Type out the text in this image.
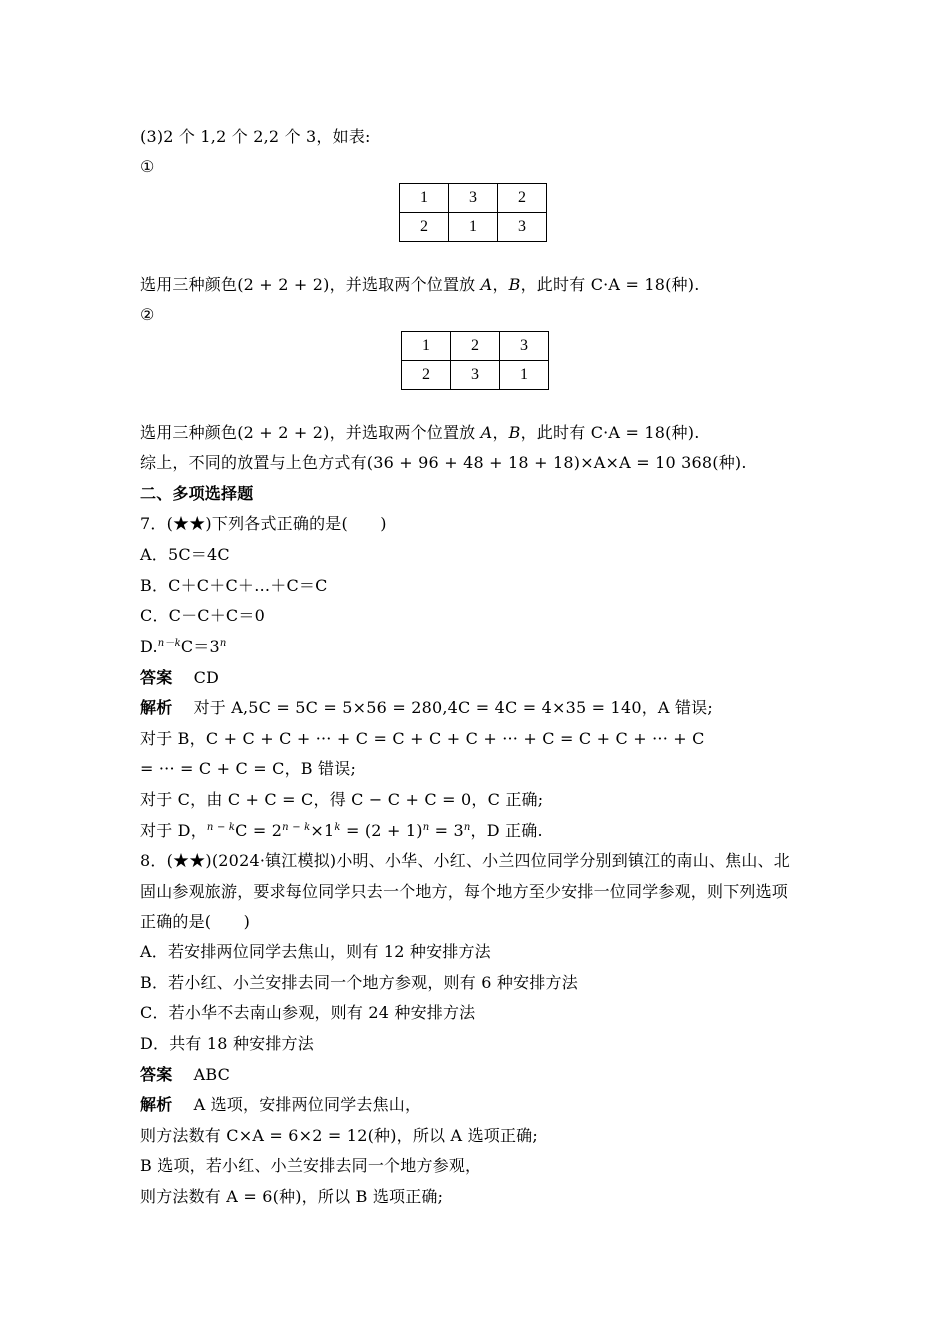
(3)2 个 1,2 个 2,2 个 3，如表:
①
1	3	2
2	1	3
选用三种颜色(2 + 2 + 2)，并选取两个位置放 A，B，此时有 C·A = 18(种).
②
1	2	3
2	3	1
选用三种颜色(2 + 2 + 2)，并选取两个位置放 A，B，此时有 C·A = 18(种).
综上，不同的放置与上色方式有(36 + 96 + 48 + 18 + 18)×A×A = 10 368(种).
二、多项选择题
7．(★★)下列各式正确的是(　　)
A．5C＝4C
B．C＋C＋C＋…＋C＝C
C．C－C＋C＝0
$D.^{n-k}C=3^n$
答案 CD
解析 对于 A,5C = 5C = 5×56 = 280,4C = 4C = 4×35 = 140，A 错误;
对于 B，C + C + C + ··· + C = C + C + C + ··· + C = C + C + ··· + C
= ··· = C + C = C，B 错误;
对于 C，由 C + C = C，得 C − C + C = 0，C 正确;
对于 D，$^{n - k}C = 2^{n - k}\times 1^k = (2 + 1)^n = 3^n$，D 正确.
8．(★★)(2024·镇江模拟)小明、小华、小红、小兰四位同学分别到镇江的南山、焦山、北
固山参观旅游，要求每位同学只去一个地方，每个地方至少安排一位同学参观，则下列选项
正确的是(　　)
A．若安排两位同学去焦山，则有 12 种安排方法
B．若小红、小兰安排去同一个地方参观，则有 6 种安排方法
C．若小华不去南山参观，则有 24 种安排方法
D．共有 18 种安排方法
答案 ABC
解析 A 选项，安排两位同学去焦山，
则方法数有 C×A = 6×2 = 12(种)，所以 A 选项正确;
B 选项，若小红、小兰安排去同一个地方参观，
则方法数有 A = 6(种)，所以 B 选项正确;
